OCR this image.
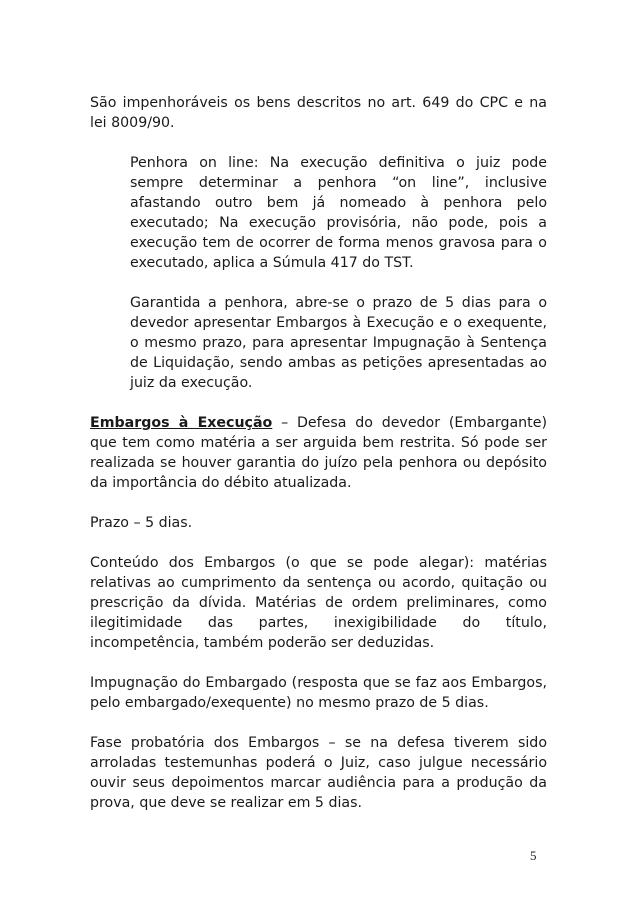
São impenhoráveis os bens descritos no art. 649 do CPC e na lei 8009/90.

Penhora on line: Na execução definitiva o juiz pode sempre determinar a penhora “on line”, inclusive afastando outro bem já nomeado à penhora pelo executado; Na execução provisória, não pode, pois a execução tem de ocorrer de forma menos gravosa para o executado, aplica a Súmula 417 do TST.

Garantida a penhora, abre-se o prazo de 5 dias para o devedor apresentar Embargos à Execução e o exequente, o mesmo prazo, para apresentar Impugnação à Sentença de Liquidação, sendo ambas as petições apresentadas ao juiz da execução.

Embargos à Execução – Defesa do devedor (Embargante) que tem como matéria a ser arguida bem restrita. Só pode ser realizada se houver garantia do juízo pela penhora ou depósito da importância do débito atualizada.

Prazo – 5 dias.

Conteúdo dos Embargos (o que se pode alegar): matérias relativas ao cumprimento da sentença ou acordo, quitação ou prescrição da dívida. Matérias de ordem preliminares, como ilegitimidade das partes, inexigibilidade do título, incompetência, também poderão ser deduzidas.

Impugnação do Embargado (resposta que se faz aos Embargos, pelo embargado/exequente) no mesmo prazo de 5 dias.

Fase probatória dos Embargos – se na defesa tiverem sido arroladas testemunhas poderá o Juiz, caso julgue necessário ouvir seus depoimentos marcar audiência para a produção da prova, que deve se realizar em 5 dias.

5
